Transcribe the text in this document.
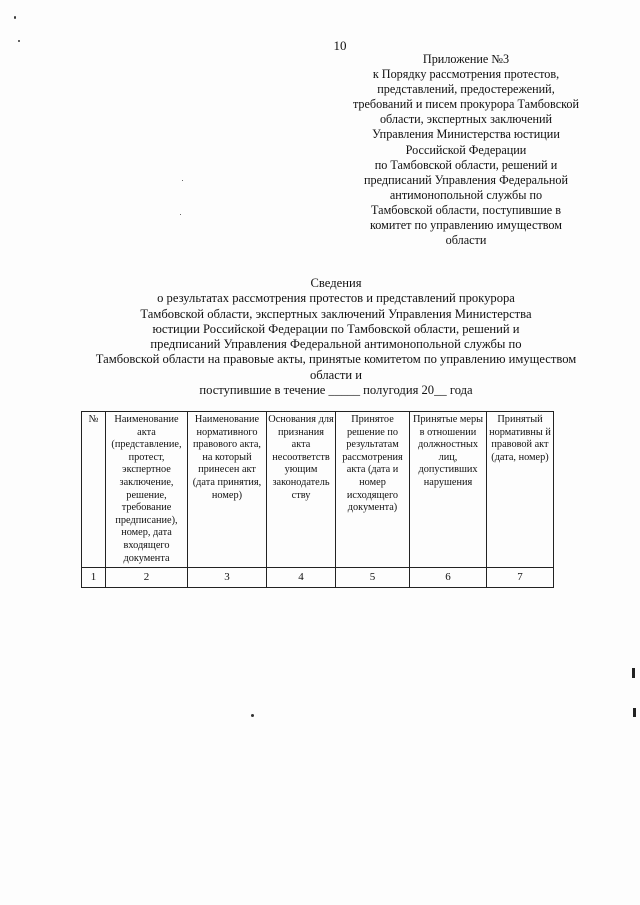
10
Приложение №3
к Порядку рассмотрения протестов,
представлений, предостережений,
требований и писем прокурора Тамбовской
области, экспертных заключений
Управления Министерства юстиции
Российской Федерации
по Тамбовской области, решений и
предписаний Управления Федеральной
антимонопольной службы по
Тамбовской области, поступившие в
комитет по управлению имуществом
области
Сведения
о результатах рассмотрения протестов и представлений прокурора
Тамбовской области, экспертных заключений Управления Министерства
юстиции Российской Федерации по Тамбовской области, решений и
предписаний Управления Федеральной антимонопольной службы по
Тамбовской области на правовые акты, принятые комитетом по управлению имуществом
области и
поступившие в течение _____ полугодия 20__ года
№	Наименование акта (представление, протест, экспертное заключение, решение, требование предписание), номер, дата входящего документа	Наименование нормативного правового акта, на который принесен акт (дата принятия, номер)	Основания для признания акта несоответств ующим законодатель ству	Принятое решение по результатам рассмотрения акта (дата и номер исходящего документа)	Принятые меры в отношении должностных лиц, допустивших нарушения	Принятый нормативны й правовой акт (дата, номер)
1	2	3	4	5	6	7
